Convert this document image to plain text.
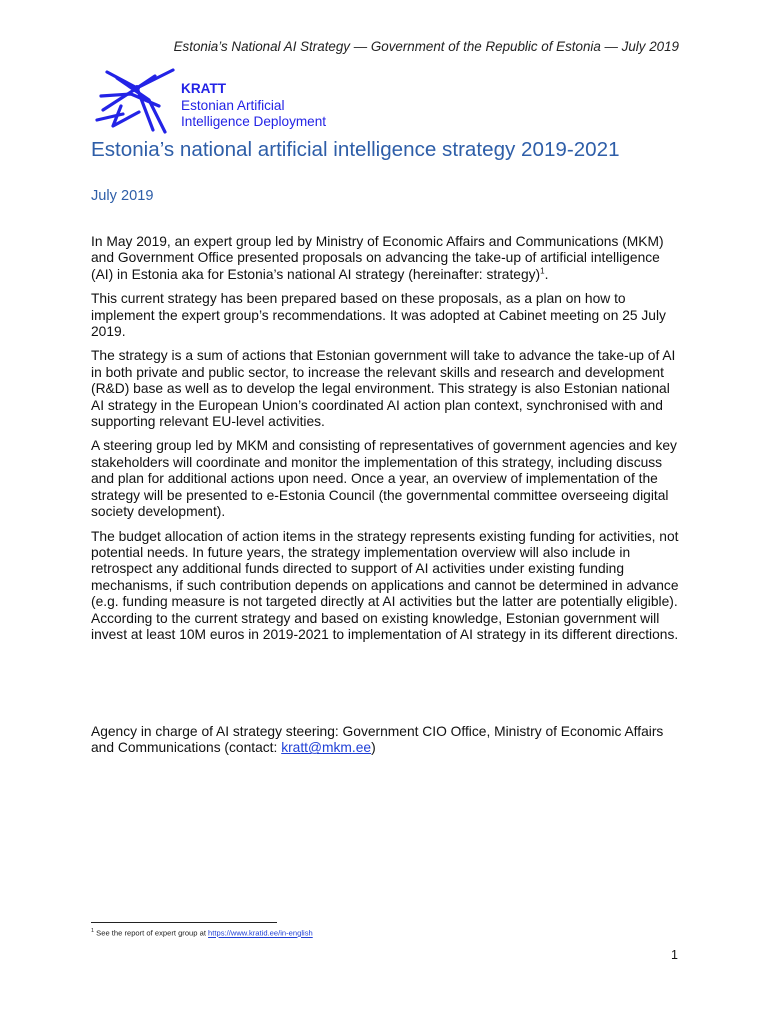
Estonia’s National AI Strategy — Government of the Republic of Estonia — July 2019
KRATT
Estonian Artificial
Intelligence Deployment
Estonia’s national artificial intelligence strategy 2019-2021
July 2019

In May 2019, an expert group led by Ministry of Economic Affairs and Communications (MKM) and Government Office presented proposals on advancing the take-up of artificial intelligence (AI) in Estonia aka for Estonia’s national AI strategy (hereinafter: strategy)$^1$.

This current strategy has been prepared based on these proposals, as a plan on how to implement the expert group’s recommendations. It was adopted at Cabinet meeting on 25 July 2019.

The strategy is a sum of actions that Estonian government will take to advance the take-up of AI in both private and public sector, to increase the relevant skills and research and development (R&D) base as well as to develop the legal environment. This strategy is also Estonian national AI strategy in the European Union’s coordinated AI action plan context, synchronised with and supporting relevant EU-level activities.

A steering group led by MKM and consisting of representatives of government agencies and key stakeholders will coordinate and monitor the implementation of this strategy, including discuss and plan for additional actions upon need. Once a year, an overview of implementation of the strategy will be presented to e-Estonia Council (the governmental committee overseeing digital society development).

The budget allocation of action items in the strategy represents existing funding for activities, not potential needs. In future years, the strategy implementation overview will also include in retrospect any additional funds directed to support of AI activities under existing funding mechanisms, if such contribution depends on applications and cannot be determined in advance (e.g. funding measure is not targeted directly at AI activities but the latter are potentially eligible). According to the current strategy and based on existing knowledge, Estonian government will invest at least 10M euros in 2019-2021 to implementation of AI strategy in its different directions.

Agency in charge of AI strategy steering: Government CIO Office, Ministry of Economic Affairs and Communications (contact: kratt@mkm.ee)

$^1$ See the report of expert group at https://www.kratid.ee/in-english
1
